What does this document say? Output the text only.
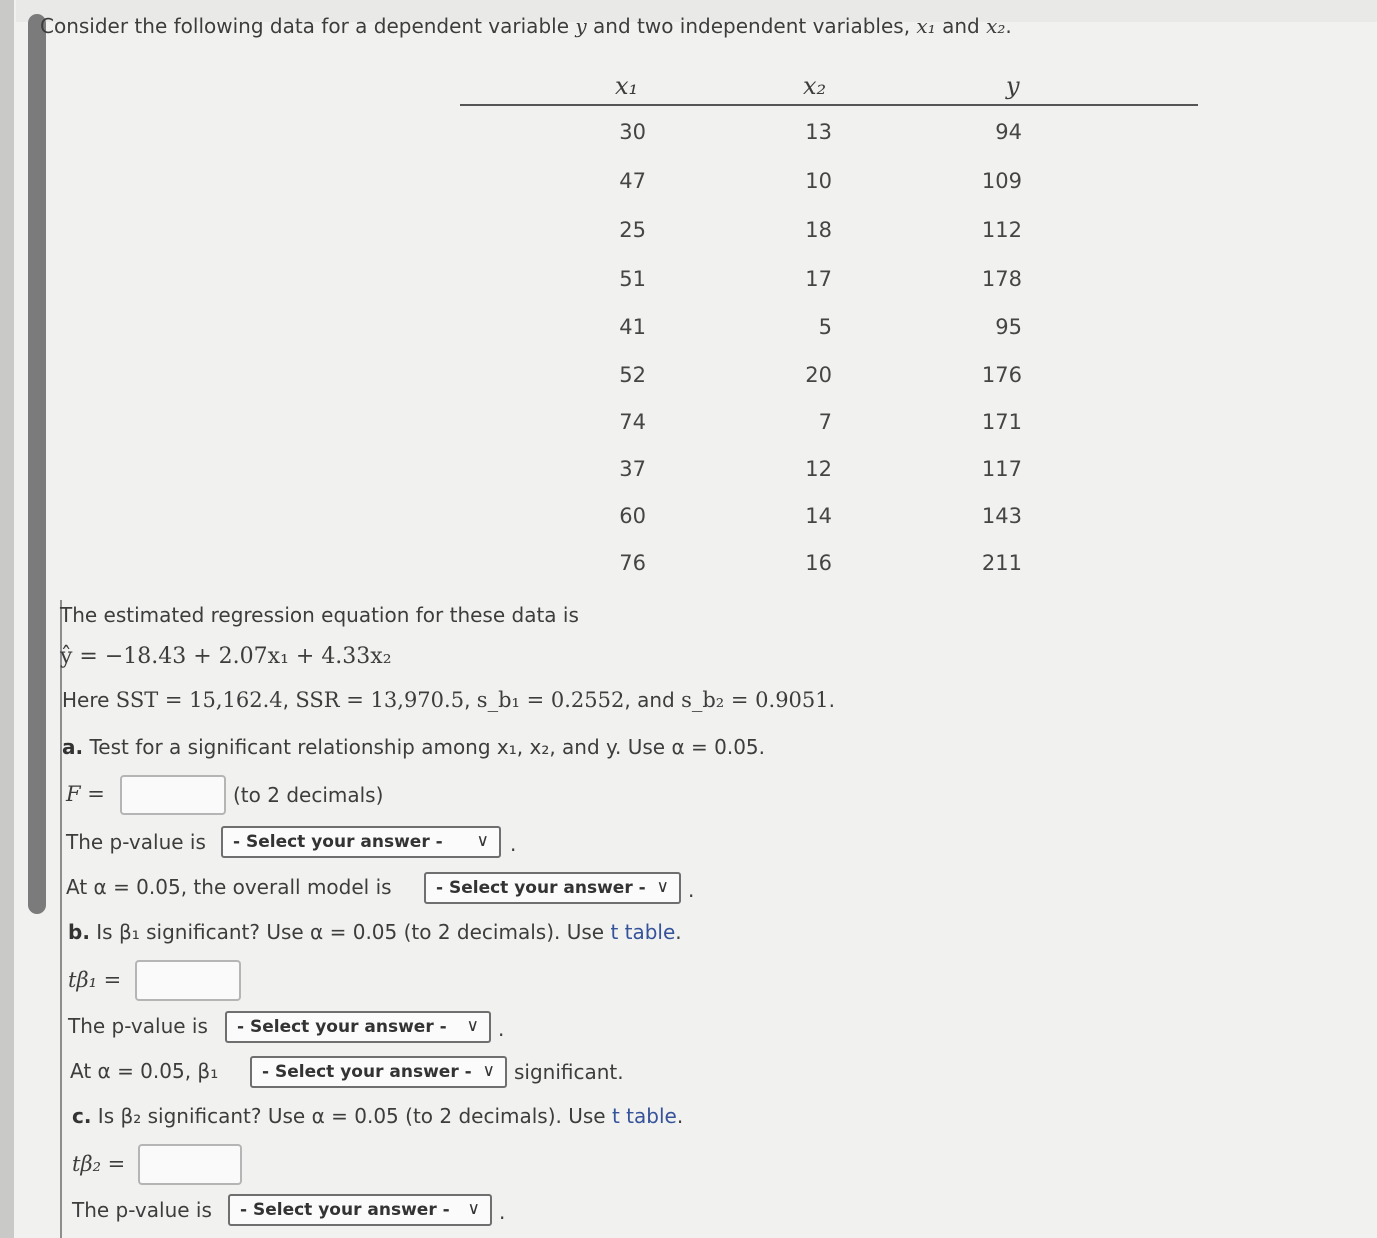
Consider the following data for a dependent variable y and two independent variables, x₁ and x₂.
x₁	x₂	y
30	13	94
47	10	109
25	18	112
51	17	178
41	5	95
52	20	176
74	7	171
37	12	117
60	14	143
76	16	211
The estimated regression equation for these data is
ŷ = −18.43 + 2.07x₁ + 4.33x₂
Here SST = 15,162.4, SSR = 13,970.5, s_b₁ = 0.2552, and s_b₂ = 0.9051.
a. Test for a significant relationship among x₁, x₂, and y. Use α = 0.05.
F =	(to 2 decimals)
The p-value is	- Select your answer - ∨ .
At α = 0.05, the overall model is	- Select your answer - ∨ .
b. Is β₁ significant? Use α = 0.05 (to 2 decimals). Use t table.
tβ₁ =
The p-value is	- Select your answer - ∨ .
At α = 0.05, β₁	- Select your answer - ∨ significant.
c. Is β₂ significant? Use α = 0.05 (to 2 decimals). Use t table.
tβ₂ =
The p-value is	- Select your answer - ∨ .
